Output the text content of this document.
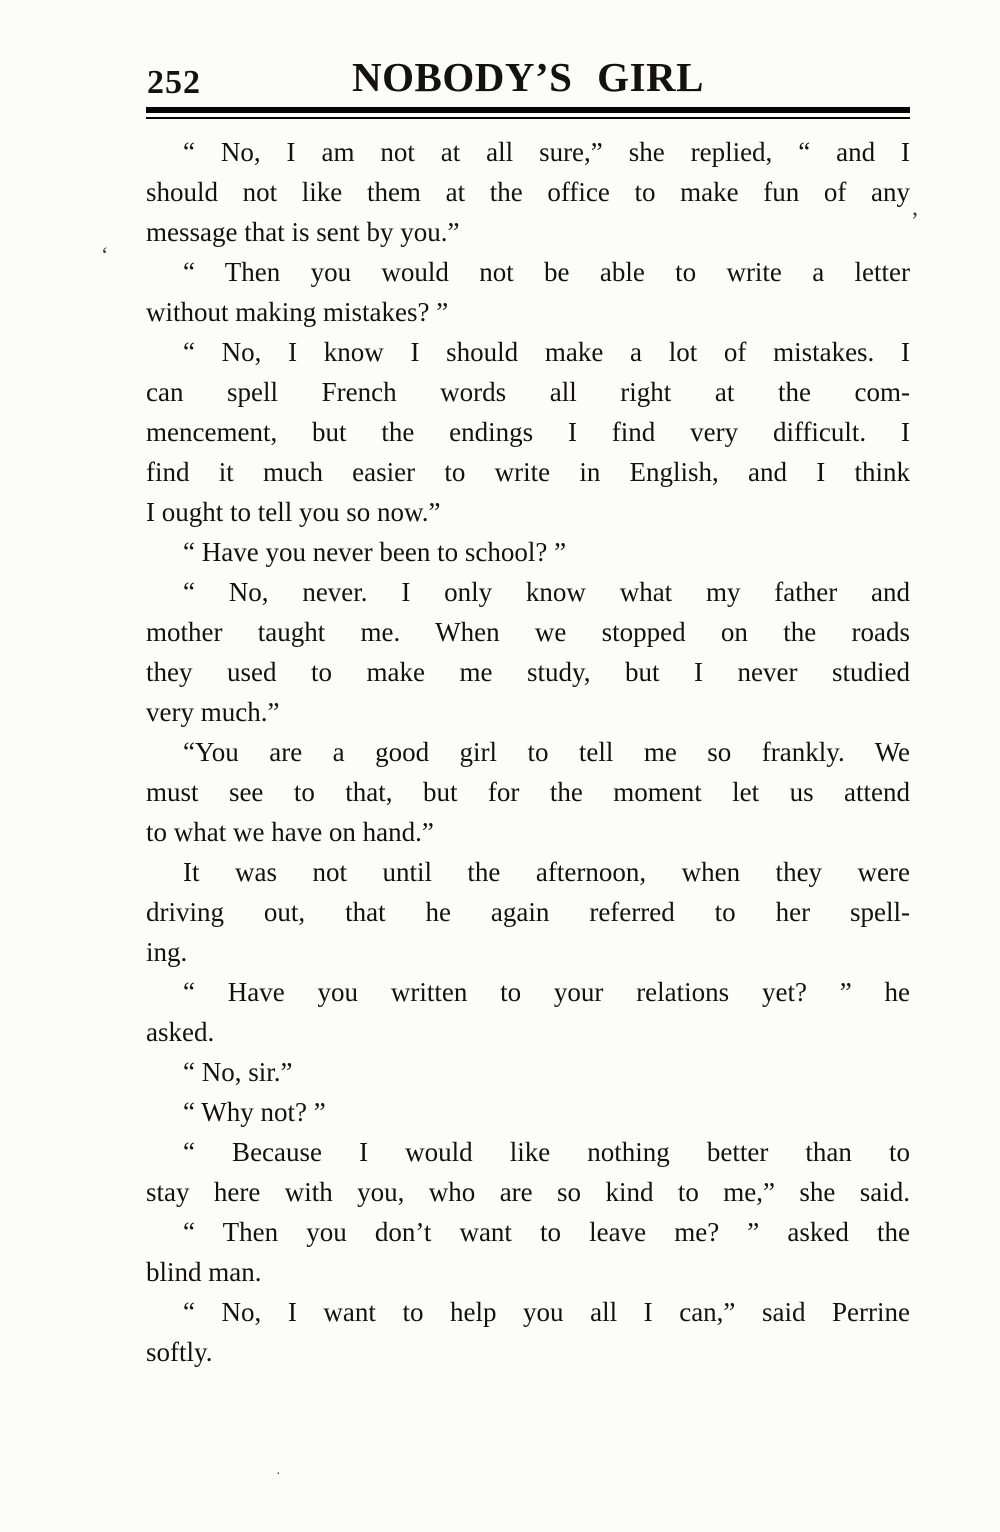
252	NOBODY’S GIRL
“ No, I am not at all sure,” she replied, “ and I
should not like them at the office to make fun of any
message that is sent by you.”
“ Then you would not be able to write a letter
without making mistakes? ”
“ No, I know I should make a lot of mistakes. I
can spell French words all right at the com-
mencement, but the endings I find very difficult. I
find it much easier to write in English, and I think
I ought to tell you so now.”
“ Have you never been to school? ”
“ No, never. I only know what my father and
mother taught me. When we stopped on the roads
they used to make me study, but I never studied
very much.”
“You are a good girl to tell me so frankly. We
must see to that, but for the moment let us attend
to what we have on hand.”
It was not until the afternoon, when they were
driving out, that he again referred to her spell-
ing.
“ Have you written to your relations yet? ” he
asked.
“ No, sir.”
“ Why not? ”
“ Because I would like nothing better than to
stay here with you, who are so kind to me,” she said.
“ Then you don’t want to leave me? ” asked the
blind man.
“ No, I want to help you all I can,” said Perrine
softly.
‘
,
·
